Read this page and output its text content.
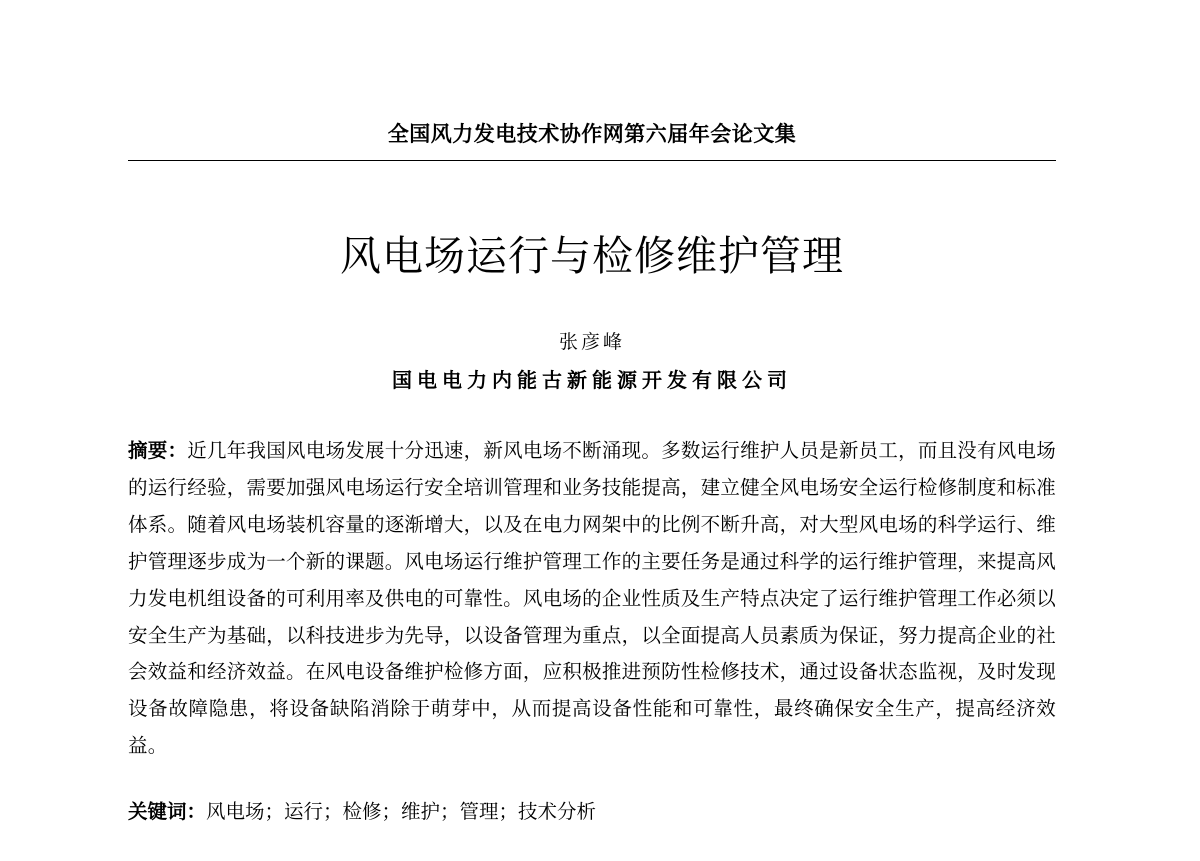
全国风力发电技术协作网第六届年会论文集
风电场运行与检修维护管理
张彦峰
国电电力内能古新能源开发有限公司

摘要：近几年我国风电场发展十分迅速，新风电场不断涌现。多数运行维护人员是新员工，而且没有风电场的运行经验，需要加强风电场运行安全培训管理和业务技能提高，建立健全风电场安全运行检修制度和标准体系。随着风电场装机容量的逐渐增大，以及在电力网架中的比例不断升高，对大型风电场的科学运行、维护管理逐步成为一个新的课题。风电场运行维护管理工作的主要任务是通过科学的运行维护管理，来提高风力发电机组设备的可利用率及供电的可靠性。风电场的企业性质及生产特点决定了运行维护管理工作必须以安全生产为基础，以科技进步为先导，以设备管理为重点，以全面提高人员素质为保证，努力提高企业的社会效益和经济效益。在风电设备维护检修方面，应积极推进预防性检修技术，通过设备状态监视，及时发现设备故障隐患，将设备缺陷消除于萌芽中，从而提高设备性能和可靠性，最终确保安全生产，提高经济效益。

关键词：风电场；运行；检修；维护；管理；技术分析
